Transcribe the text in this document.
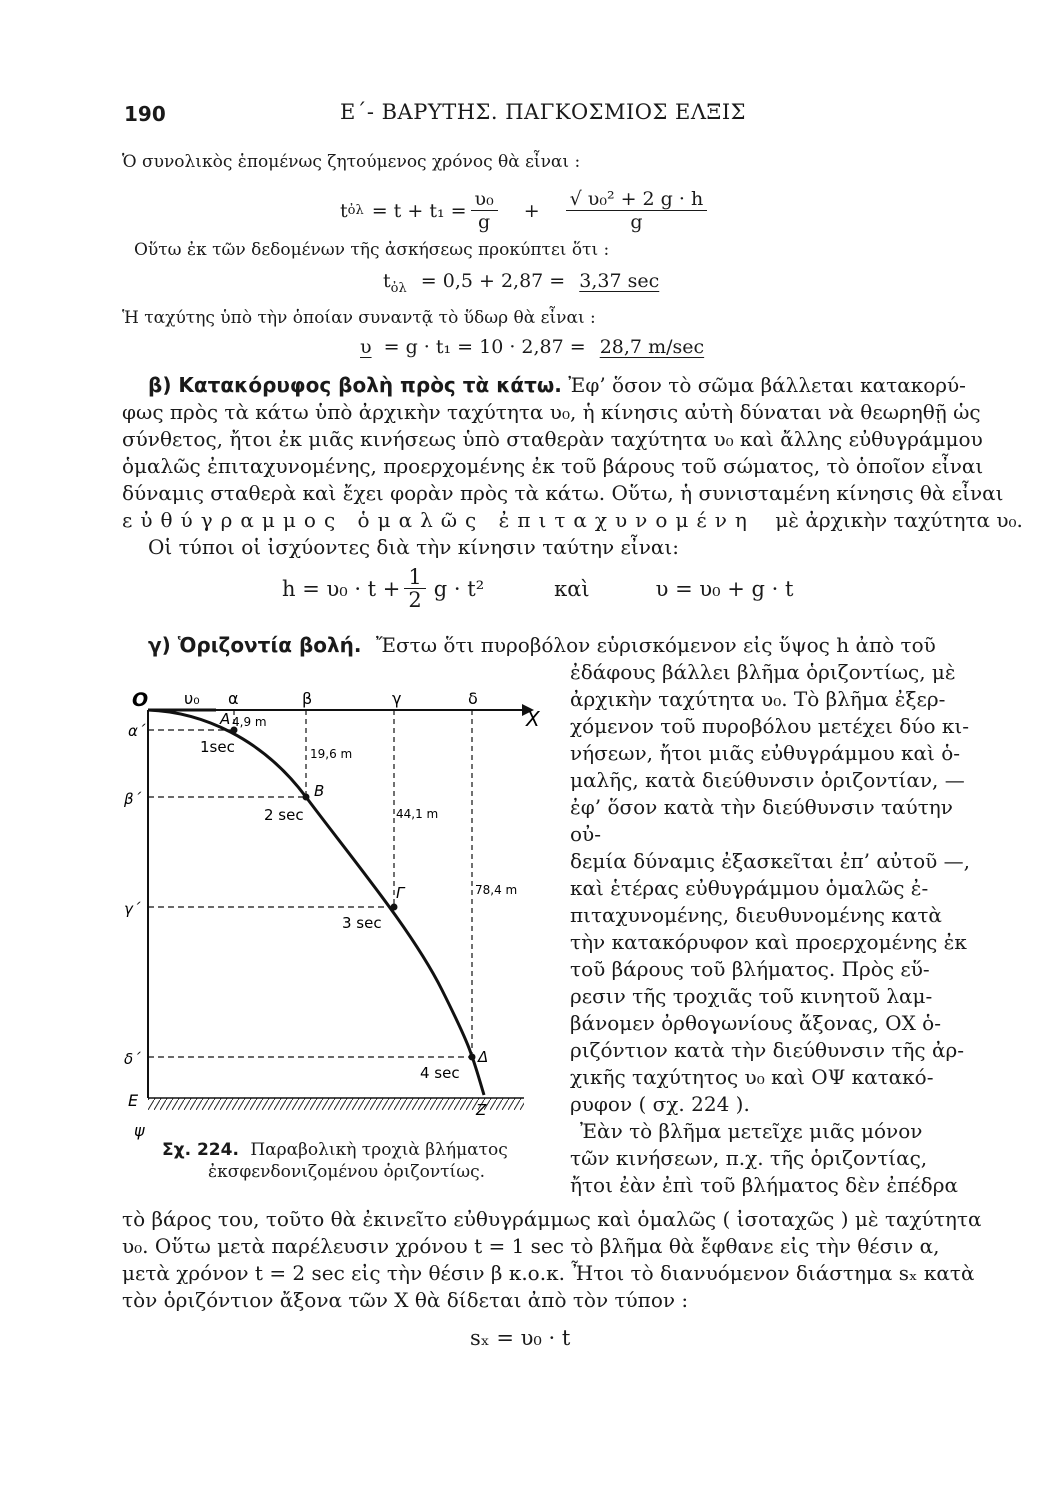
190	Ε΄- ΒΑΡΥΤΗΣ. ΠΑΓΚΟΣΜΙΟΣ ΕΛΞΙΣ
Ὁ συνολικὸς ἑπομένως ζητούμενος χρόνος θὰ εἶναι :
t ὀλ = $t + t_1 = \frac{\text{υ₀}}{g} + \frac{\text{√ υ₀² + 2 g · h}}{g}$
Οὕτω ἐκ τῶν δεδομένων τῆς ἀσκήσεως προκύπτει ὅτι :
$t_{ὀ\lambda} = 0,5 + 2,87 = 3,37$ sec
Ἡ ταχύτης ὑπὸ τὴν ὁποίαν συναντᾷ τὸ ὕδωρ θὰ εἶναι :
υ = g · t₁ = 10 · 2,87 = 28,7 m/sec
β) Κατακόρυφος βολὴ πρὸς τὰ κάτω. Ἐφ’ ὅσον τὸ σῶμα βάλλεται κατακορύ-
φως πρὸς τὰ κάτω ὑπὸ ἀρχικὴν ταχύτητα υ₀, ἡ κίνησις αὐτὴ δύναται νὰ θεωρηθῇ ὡς
σύνθετος, ἤτοι ἐκ μιᾶς κινήσεως ὑπὸ σταθερὰν ταχύτητα υ₀ καὶ ἄλλης εὐθυγράμμου
ὁμαλῶς ἐπιταχυνομένης, προερχομένης ἐκ τοῦ βάρους τοῦ σώματος, τὸ ὁποῖον εἶναι
δύναμις σταθερὰ καὶ ἔχει φορὰν πρὸς τὰ κάτω. Οὕτω, ἡ συνισταμένη κίνησις θὰ εἶναι
εὐθύγραμμος ὁμαλῶς ἐπιταχυνομένη μὲ ἀρχικὴν ταχύτητα υ₀.
Οἱ τύποι οἱ ἰσχύοντες διὰ τὴν κίνησιν ταύτην εἶναι:
$h = \upsilon_0 \cdot t + \frac{1}{2}$ g · t²	καὶ	υ = υ₀ + g · t
γ) Ὁριζοντία βολή. Ἔστω ὅτι πυροβόλον εὑρισκόμενον εἰς ὕψος h ἀπὸ τοῦ
ἐδάφους βάλλει βλῆμα ὁριζοντίως, μὲ
ἀρχικὴν ταχύτητα υ₀. Τὸ βλῆμα ἐξερ-
χόμενον τοῦ πυροβόλου μετέχει δύο κι-
νήσεων, ἤτοι μιᾶς εὐθυγράμμου καὶ ὁ-
μαλῆς, κατὰ διεύθυνσιν ὁριζοντίαν, —
ἐφ’ ὅσον κατὰ τὴν διεύθυνσιν ταύτην οὐ-
δεμία δύναμις ἐξασκεῖται ἐπ’ αὐτοῦ —,
καὶ ἑτέρας εὐθυγράμμου ὁμαλῶς ἐ-
πιταχυνομένης, διευθυνομένης κατὰ
τὴν κατακόρυφον καὶ προερχομένης ἐκ
τοῦ βάρους τοῦ βλήματος. Πρὸς εὕ-
ρεσιν τῆς τροχιᾶς τοῦ κινητοῦ λαμ-
βάνομεν ὀρθογωνίους ἄξονας, ΟΧ ὁ-
ριζόντιον κατὰ τὴν διεύθυνσιν τῆς ἀρ-
χικῆς ταχύτητος υ₀ καὶ ΟΨ κατακό-
ρυφον ( σχ. 224 ).
Ἐὰν τὸ βλῆμα μετεῖχε μιᾶς μόνον
τῶν κινήσεων, π.χ. τῆς ὁριζοντίας,
ἤτοι ἐὰν ἐπὶ τοῦ βλήματος δὲν ἐπέδρα
O υ₀
X
α	β	γ	δ
α΄
β΄
γ΄
δ΄
E
ψ
A
B
Γ
Δ
Z
4,9 m
19,6 m
44,1 m
78,4 m
1sec
2 sec
3 sec
4 sec
Σχ. 224. Παραβολικὴ τροχιὰ βλήματος
ἐκσφενδονιζομένου ὁριζοντίως.
τὸ βάρος του, τοῦτο θὰ ἐκινεῖτο εὐθυγράμμως καὶ ὁμαλῶς ( ἰσοταχῶς ) μὲ ταχύτητα
υ₀. Οὕτω μετὰ παρέλευσιν χρόνου t = 1 sec τὸ βλῆμα θὰ ἔφθανε εἰς τὴν θέσιν α,
μετὰ χρόνον t = 2 sec εἰς τὴν θέσιν β κ.ο.κ. Ἦτοι τὸ διανυόμενον διάστημα sₓ κατὰ
τὸν ὁριζόντιον ἄξονα τῶν Χ θὰ δίδεται ἀπὸ τὸν τύπον :
sₓ = υ₀ · t
